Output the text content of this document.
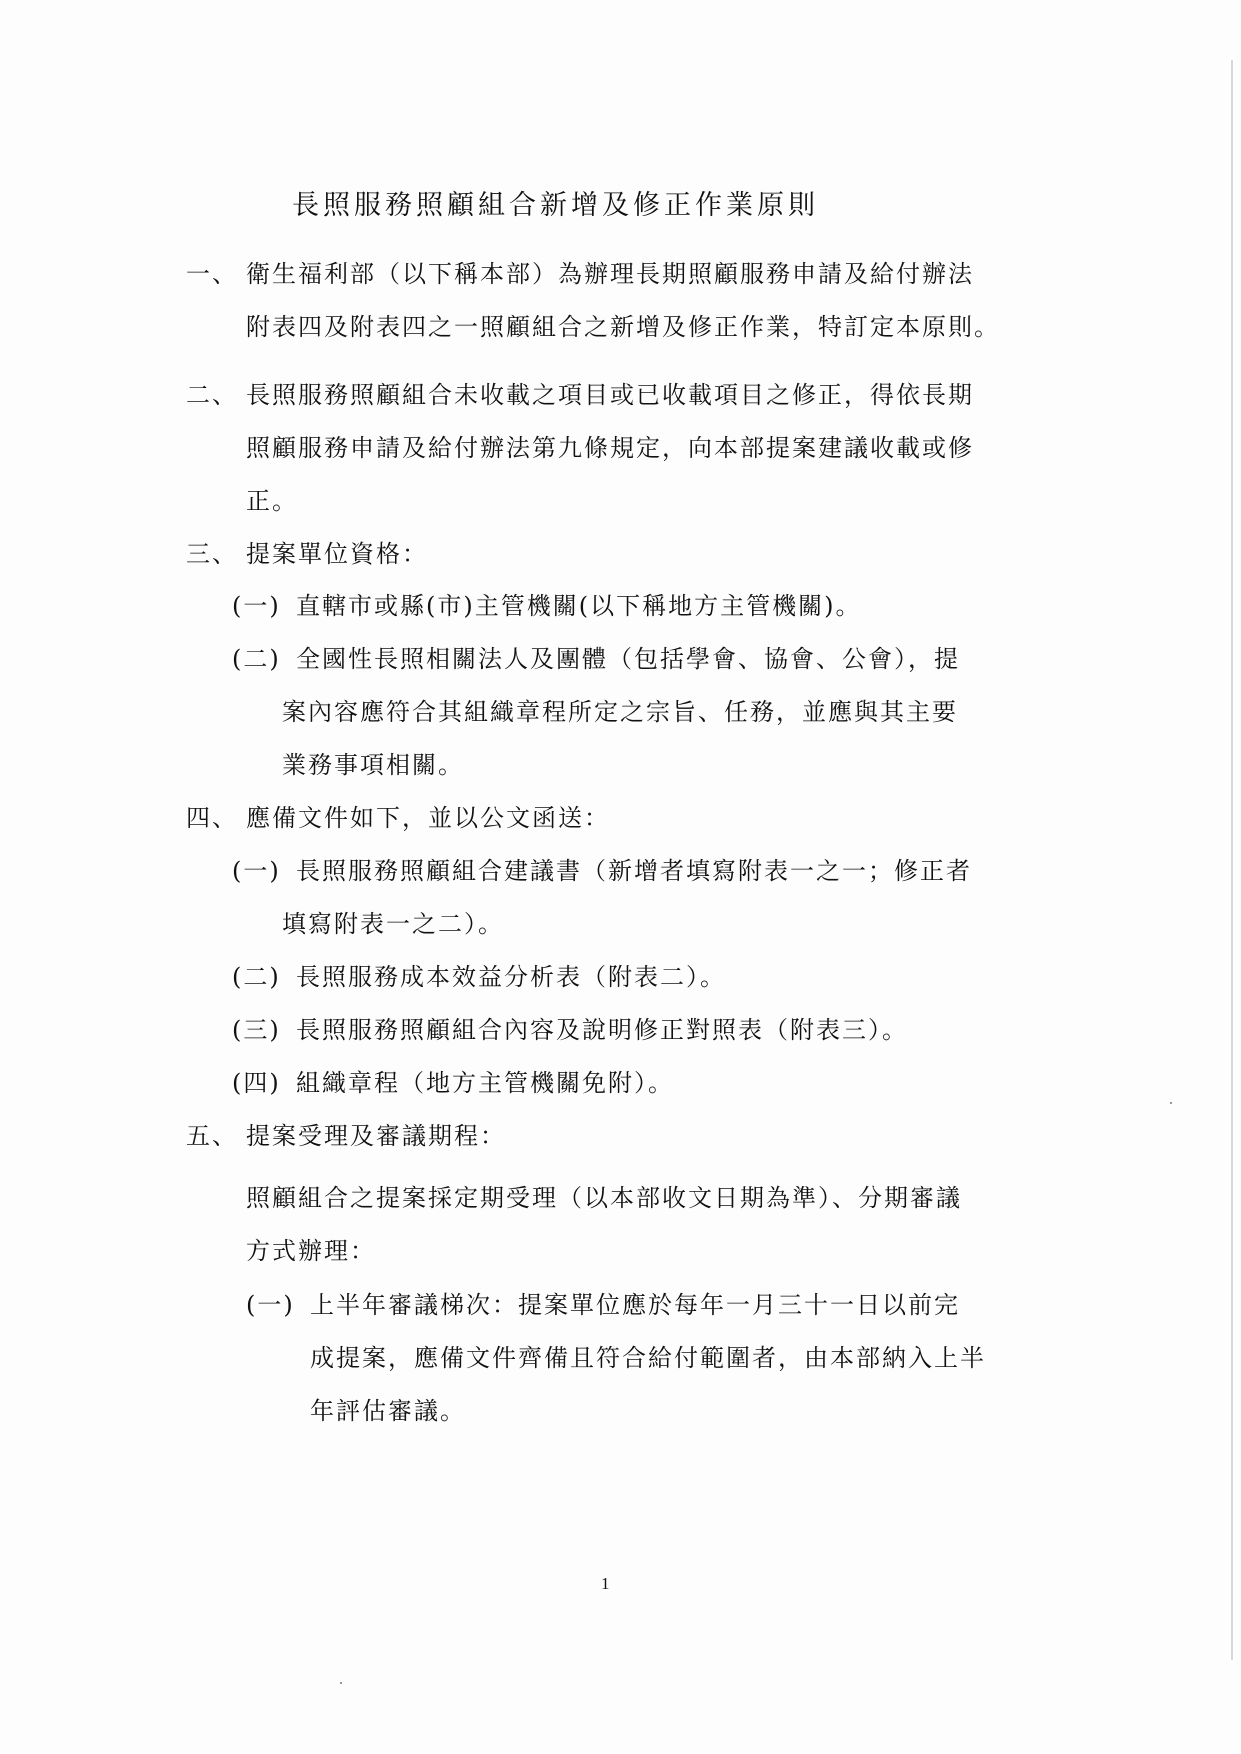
長照服務照顧組合新增及修正作業原則
一、 衛生福利部（以下稱本部）為辦理長期照顧服務申請及給付辦法
附表四及附表四之一照顧組合之新增及修正作業，特訂定本原則。
二、 長照服務照顧組合未收載之項目或已收載項目之修正，得依長期
照顧服務申請及給付辦法第九條規定，向本部提案建議收載或修
正。
三、 提案單位資格：
(一) 直轄市或縣(市)主管機關(以下稱地方主管機關)。
(二) 全國性長照相關法人及團體（包括學會、協會、公會），提
案內容應符合其組織章程所定之宗旨、任務，並應與其主要
業務事項相關。
四、 應備文件如下，並以公文函送：
(一) 長照服務照顧組合建議書（新增者填寫附表一之一；修正者
填寫附表一之二）。
(二) 長照服務成本效益分析表（附表二）。
(三) 長照服務照顧組合內容及說明修正對照表（附表三）。
(四) 組織章程（地方主管機關免附）。
五、 提案受理及審議期程：
照顧組合之提案採定期受理（以本部收文日期為準）、分期審議
方式辦理：
(一) 上半年審議梯次：提案單位應於每年一月三十一日以前完
成提案，應備文件齊備且符合給付範圍者，由本部納入上半
年評估審議。
1
